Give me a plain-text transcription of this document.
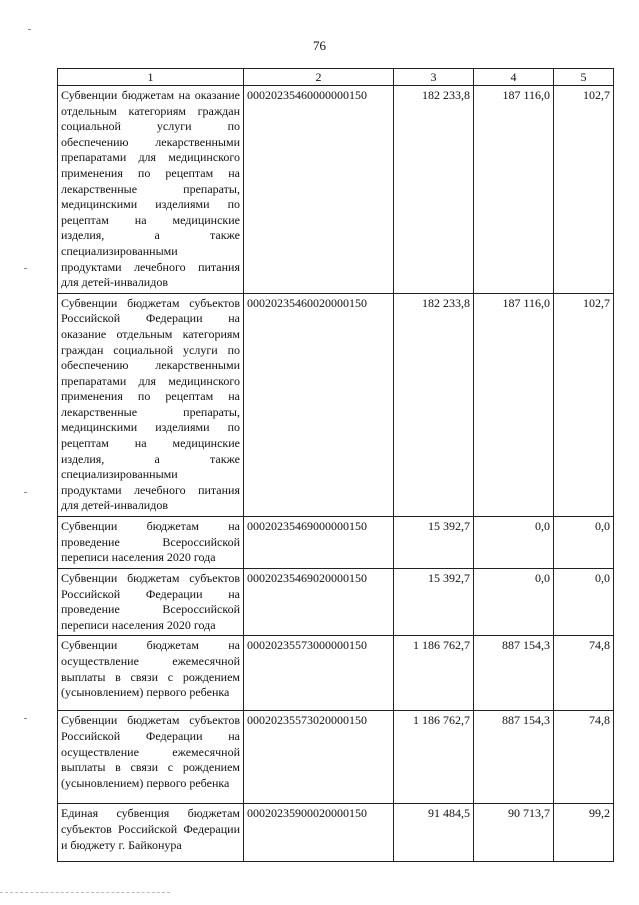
76
1	2	3	4	5
Субвенции бюджетам на оказание отдельным категориям граждан социальной услуги по обеспечению лекарственными препаратами для медицинского применения по рецептам на лекарственные препараты, медицинскими изделиями по рецептам на медицинские изделия, а также специализированными продуктами лечебного питания для детей-инвалидов	00020235460000000150	182 233,8	187 116,0	102,7
Субвенции бюджетам субъектов Российской Федерации на оказание отдельным категориям граждан социальной услуги по обеспечению лекарственными препаратами для медицинского применения по рецептам на лекарственные препараты, медицинскими изделиями по рецептам на медицинские изделия, а также специализированными продуктами лечебного питания для детей-инвалидов	00020235460020000150	182 233,8	187 116,0	102,7
Субвенции бюджетам на проведение Всероссийской переписи населения 2020 года	00020235469000000150	15 392,7	0,0	0,0
Субвенции бюджетам субъектов Российской Федерации на проведение Всероссийской переписи населения 2020 года	00020235469020000150	15 392,7	0,0	0,0
Субвенции бюджетам на осуществление ежемесячной выплаты в связи с рождением (усыновлением) первого ребенка	00020235573000000150	1 186 762,7	887 154,3	74,8
Субвенции бюджетам субъектов Российской Федерации на осуществление ежемесячной выплаты в связи с рождением (усыновлением) первого ребенка	00020235573020000150	1 186 762,7	887 154,3	74,8
Единая субвенция бюджетам субъектов Российской Федерации и бюджету г. Байконура	00020235900020000150	91 484,5	90 713,7	99,2
